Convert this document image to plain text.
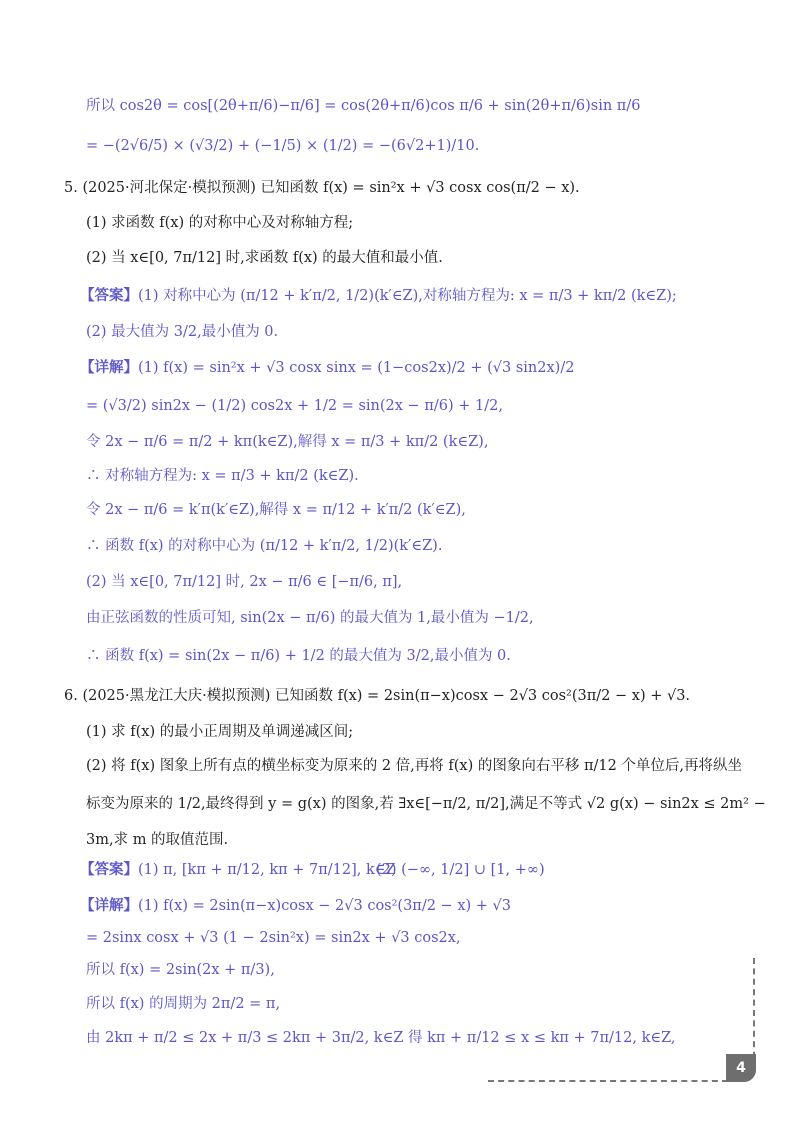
所以 cos2θ = cos[(2θ+π/6)−π/6] = cos(2θ+π/6)cos π/6 + sin(2θ+π/6)sin π/6
= −(2√6/5) × (√3/2) + (−1/5) × (1/2) = −(6√2+1)/10.
5. (2025·河北保定·模拟预测) 已知函数 f(x) = sin²x + √3 cosx cos(π/2 − x).
(1) 求函数 f(x) 的对称中心及对称轴方程;
(2) 当 x∈[0, 7π/12] 时,求函数 f(x) 的最大值和最小值.
【答案】(1) 对称中心为 (π/12 + k′π/2, 1/2)(k′∈Z),对称轴方程为: x = π/3 + kπ/2 (k∈Z);
(2) 最大值为 3/2,最小值为 0.
【详解】(1) f(x) = sin²x + √3 cosx sinx = (1−cos2x)/2 + (√3 sin2x)/2
= (√3/2) sin2x − (1/2) cos2x + 1/2 = sin(2x − π/6) + 1/2,
令 2x − π/6 = π/2 + kπ(k∈Z),解得 x = π/3 + kπ/2 (k∈Z),
∴ 对称轴方程为: x = π/3 + kπ/2 (k∈Z).
令 2x − π/6 = k′π(k′∈Z),解得 x = π/12 + k′π/2 (k′∈Z),
∴ 函数 f(x) 的对称中心为 (π/12 + k′π/2, 1/2)(k′∈Z).
(2) 当 x∈[0, 7π/12] 时, 2x − π/6 ∈ [−π/6, π],
由正弦函数的性质可知, sin(2x − π/6) 的最大值为 1,最小值为 −1/2,
∴ 函数 f(x) = sin(2x − π/6) + 1/2 的最大值为 3/2,最小值为 0.
6. (2025·黑龙江大庆·模拟预测) 已知函数 f(x) = 2sin(π−x)cosx − 2√3 cos²(3π/2 − x) + √3.
(1) 求 f(x) 的最小正周期及单调递减区间;
(2) 将 f(x) 图象上所有点的横坐标变为原来的 2 倍,再将 f(x) 的图象向右平移 π/12 个单位后,再将纵坐
标变为原来的 1/2,最终得到 y = g(x) 的图象,若 ∃x∈[−π/2, π/2],满足不等式 √2 g(x) − sin2x ≤ 2m² −
3m,求 m 的取值范围.
【答案】(1) π, [kπ + π/12, kπ + 7π/12], k∈Z
(2) (−∞, 1/2] ∪ [1, +∞)
【详解】(1) f(x) = 2sin(π−x)cosx − 2√3 cos²(3π/2 − x) + √3
= 2sinx cosx + √3 (1 − 2sin²x) = sin2x + √3 cos2x,
所以 f(x) = 2sin(2x + π/3),
所以 f(x) 的周期为 2π/2 = π,
由 2kπ + π/2 ≤ 2x + π/3 ≤ 2kπ + 3π/2, k∈Z 得 kπ + π/12 ≤ x ≤ kπ + 7π/12, k∈Z,
4
